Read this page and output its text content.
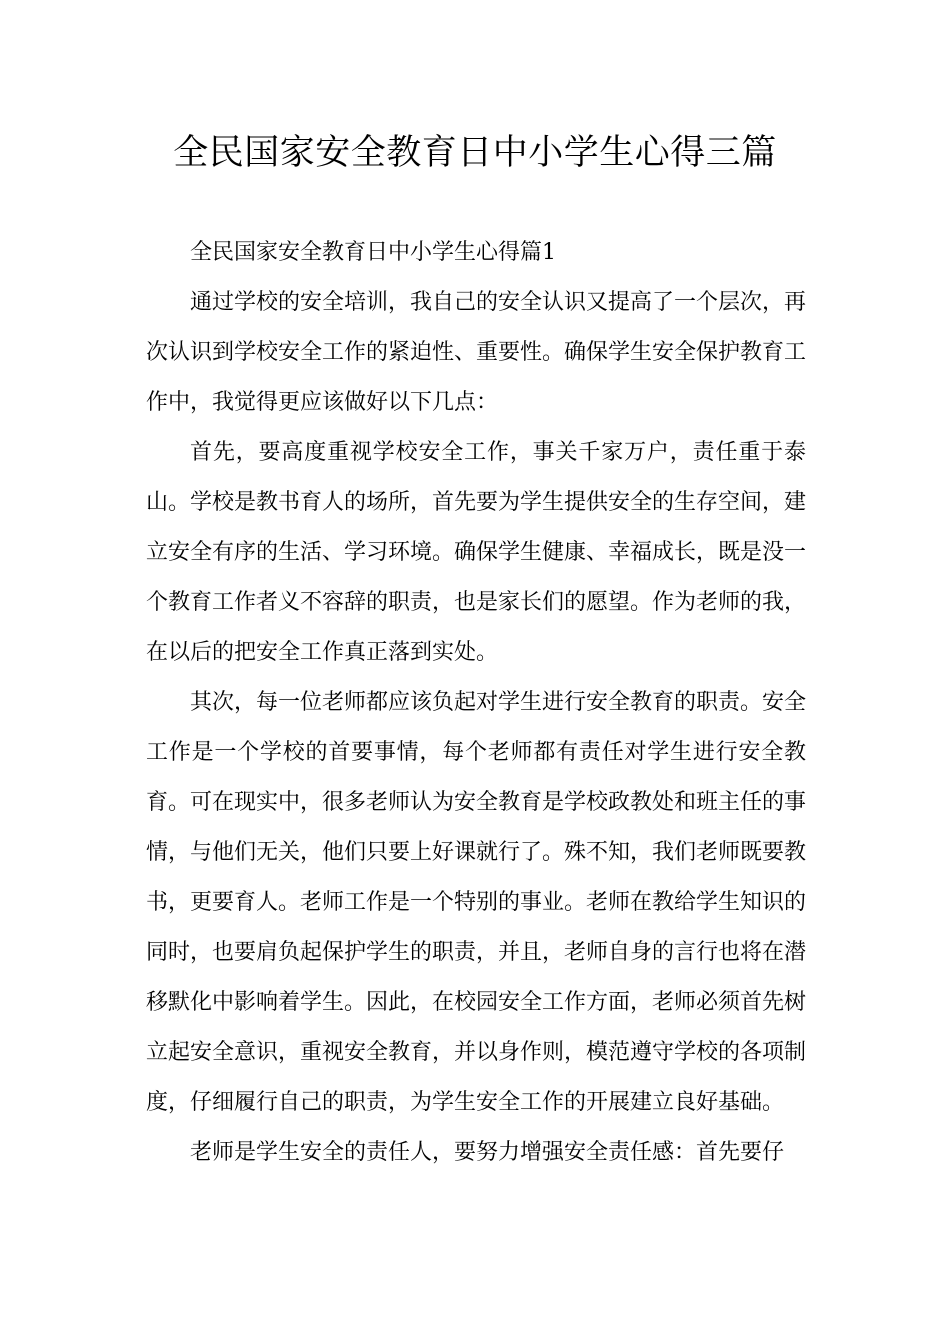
全民国家安全教育日中小学生心得三篇

全民国家安全教育日中小学生心得篇1

通过学校的安全培训，我自己的安全认识又提高了一个层次，再次认识到学校安全工作的紧迫性、重要性。确保学生安全保护教育工作中，我觉得更应该做好以下几点：

首先，要高度重视学校安全工作，事关千家万户，责任重于泰山。学校是教书育人的场所，首先要为学生提供安全的生存空间，建立安全有序的生活、学习环境。确保学生健康、幸福成长，既是没一个教育工作者义不容辞的职责，也是家长们的愿望。作为老师的我，在以后的把安全工作真正落到实处。

其次，每一位老师都应该负起对学生进行安全教育的职责。安全工作是一个学校的首要事情，每个老师都有责任对学生进行安全教育。可在现实中，很多老师认为安全教育是学校政教处和班主任的事情，与他们无关，他们只要上好课就行了。殊不知，我们老师既要教书，更要育人。老师工作是一个特别的事业。老师在教给学生知识的同时，也要肩负起保护学生的职责，并且，老师自身的言行也将在潜移默化中影响着学生。因此，在校园安全工作方面，老师必须首先树立起安全意识，重视安全教育，并以身作则，模范遵守学校的各项制度，仔细履行自己的职责，为学生安全工作的开展建立良好基础。

老师是学生安全的责任人，要努力增强安全责任感：首先要仔
